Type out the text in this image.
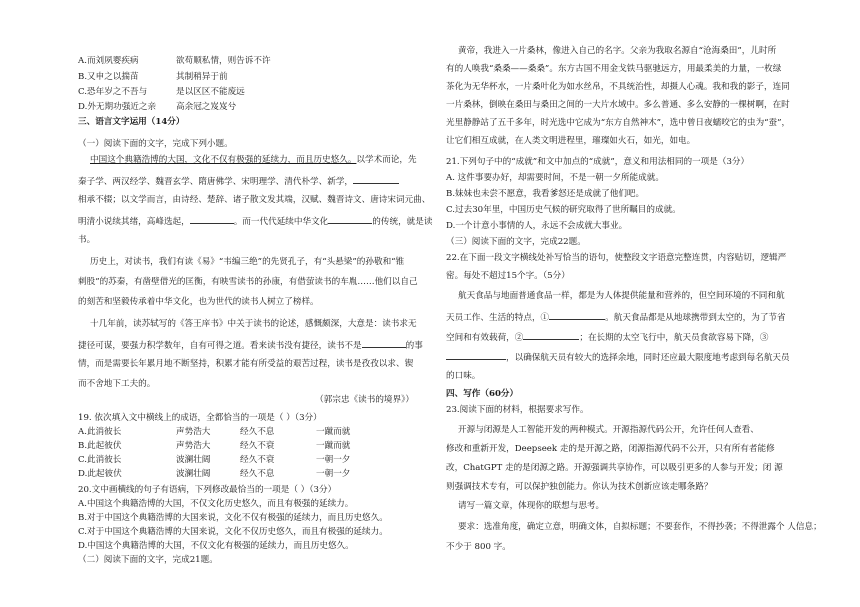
A.而刘夙婴疾病	欲苟顺私情，则告诉不许
B.又申之以揣苗	其制稍异于前
C.恐年岁之不吾与	是以区区不能废远
D.外无期功强近之亲 高余冠之岌岌兮
三、语言文字运用（14分）
（一）阅读下面的文字，完成下列小题。
中国这个典籍浩博的大国，文化不仅有极强的延续力，而且历史悠久。以学术而论，先
秦子学、两汉经学、魏晋玄学、隋唐佛学、宋明理学、清代朴学、新学，
相承不辍；以文学而言，由诗经、楚辞、诸子散文发其端，汉赋、魏晋诗文、唐诗宋词元曲、
明清小说续其绪，高峰选起，	。而一代代延续中华文化	的传统，就是读
书。
历史上，对读书，我们有读《易》“韦编三绝”的先贤孔子，有“头悬梁”的孙敬和“锥
刺股”的苏秦，有凿壁借光的匡衡，有映雪读书的孙康，有借萤读书的车胤……他们以自己
的刻苦和坚毅传承着中华文化，也为世代的读书人树立了榜样。
十几年前，读苏轼写的《答王庠书》中关于读书的论述，感慨颇深，大意是：读书求无
捷径可谋，要强力积学数年，自有可得之道。看来读书没有捷径，读书不是	的事
情，而是需要长年累月地不断坚持，积累才能有所受益的艰苦过程，读书是孜孜以求、锲
而不舍地下工夫的。
（郭宗忠《读书的境界》）
19. 依次填入文中横线上的成语，全都恰当的一项是（ ）（3分）
A.此消彼长	声势浩大	经久不息	一蹴而就
B.此起彼伏	声势浩大	经久不衰	一蹴而就
C.此消彼长	波澜壮阔	经久不衰	一朝一夕
D.此起彼伏	波澜壮阔	经久不息	一朝一夕
20.文中画横线的句子有语病，下列修改最恰当的一项是（ ）（3分）
A.中国这个典籍浩博的大国，不仅文化历史悠久，而且有极强的延续力。
B.对于中国这个典籍浩博的大国来说，文化不仅有极强的延续力，而且历史悠久。
C.对于中国这个典籍浩博的大国来说，文化不仅历史悠久，而且有极强的延续力。
D.中国这个典籍浩博的大国，不仅文化有极强的延续力，而且历史悠久。
（二）阅读下面的文字，完成21题。
黄帝，我进入一片桑林，像进入自己的名字。父亲为我取名源自“沧海桑田”，儿时所
有的人唤我“桑桑——桑桑”。东方古国不用金戈铁马驱驰远方，用最柔美的力量，一枚绿
茶化为无华杯水，一片桑叶化为如水丝帛，不具统治性，却摄人心魂。我和我的影子，连同
一片桑林，倒映在桑田与桑田之间的一大片水域中。多么普通、多么安静的一棵树啊，在时
光里静静站了五千多年，时光选中它成为“东方自然神木”，选中曾日夜蠕咬它的虫为“蚕”，
让它们相互成就，在人类文明进程里，璀璨如火石，如光，如电。
21.下列句子中的“成就”和文中加点的“成就”，意义和用法相同的一项是（3分）
A. 这件事要办好，却需要时间，不是一朝一夕所能成就。
B.妹妹也未尝不愿意，我看爹怒还是成就了他们吧。
C.过去30年里，中国历史气候的研究取得了世所瞩目的成就。
D.一个计意小事情的人，永远不会成就大事业。
（三）阅读下面的文字，完成22题。
22.在下面一段文字横线处补写恰当的语句，使整段文字语意完整连贯，内容贴切，逻辑严
密。每处不超过15个字。（5分）
航天食品与地面普通食品一样，都是为人体提供能量和营养的，但空间环境的不同和航
天员工作、生活的特点，①	。航天食品都是从地球携带到太空的，为了节省
空间和有效载荷，②	；在长期的太空飞行中，航天员食欲容易下降，③
，以确保航天员有较大的选择余地，同时还应最大限度地考虑到每名航天员
的口味。
四、写作（60分）
23.阅读下面的材料，根据要求写作。
开源与闭源是人工智能开发的两种模式。开源指源代码公开，允许任何人查看、
修改和重新开发，Deepseek 走的是开源之路，闭源指源代码不公开，只有所有者能修
改，ChatGPT 走的是闭源之路。开源强调共享协作，可以吸引更多的人参与开发；闭 源
则强调技术专有，可以保护独创能力。你认为技术创新应该走哪条路？
请写一篇文章，体现你的联想与思考。
要求：选准角度，确定立意，明确文体，自拟标题；不要套作，不得抄袭；不得泄露个 人信息；
不少于 800 字。
